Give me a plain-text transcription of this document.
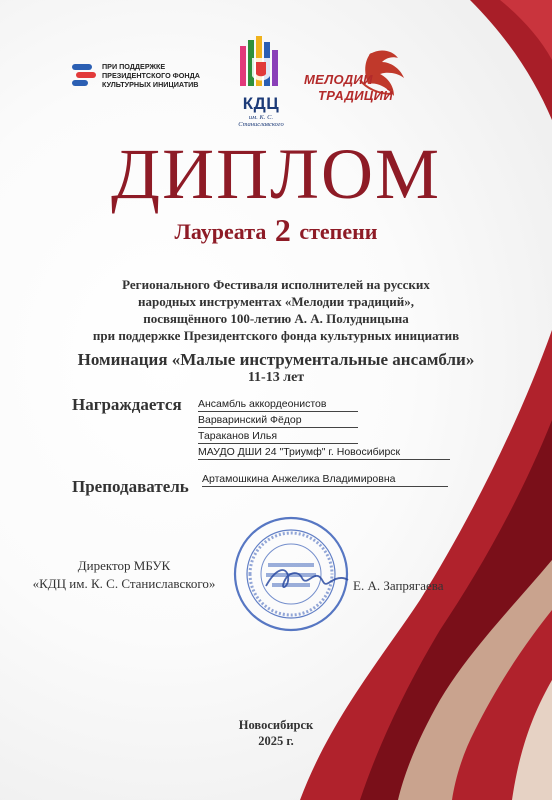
ПРИ ПОДДЕРЖКЕ
ПРЕЗИДЕНТСКОГО ФОНДА
КУЛЬТУРНЫХ ИНИЦИАТИВ
КДЦ
им. К. С. Станиславского
МЕЛОДИИ
ТРАДИЦИЙ
ДИПЛОМ
Лауреата 2 степени
Регионального Фестиваля исполнителей на русских
народных инструментах «Мелодии традиций»,
посвящённого 100-летию А. А. Полудницына
при поддержке Президентского фонда культурных инициатив
Номинация «Малые инструментальные ансамбли»
11-13 лет
Награждается Ансамбль аккордеонистов
Варваринский Фёдор
Тараканов Илья
МАУДО ДШИ 24 "Триумф" г. Новосибирск
Преподаватель Артамошкина Анжелика Владимировна
Директор МБУК
«КДЦ им. К. С. Станиславского»	Е. А. Запрягаева
Новосибирск
2025 г.
